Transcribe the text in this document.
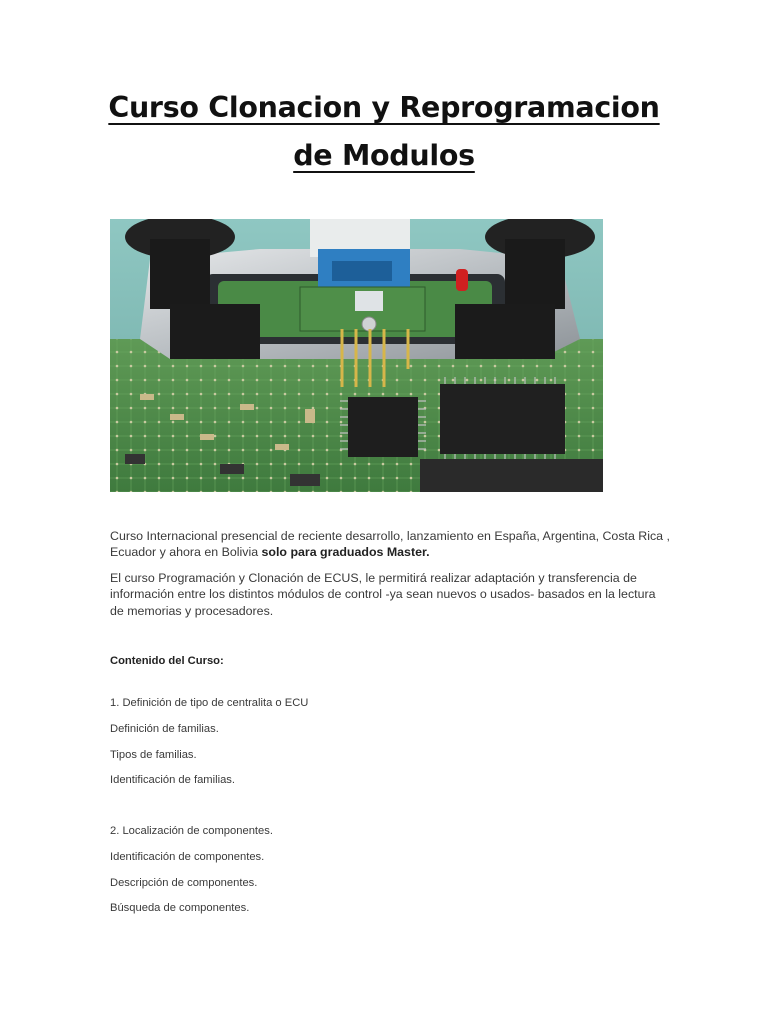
Curso Clonacion y Reprogramacion
de Modulos

Curso Internacional presencial de reciente desarrollo, lanzamiento en España, Argentina, Costa Rica , Ecuador y ahora en Bolivia solo para graduados Master.

El curso Programación y Clonación de ECUS, le permitirá realizar adaptación y transferencia de información entre los distintos módulos de control -ya sean nuevos o usados- basados en la lectura de memorias y procesadores.

Contenido del Curso:

1. Definición de tipo de centralita o ECU

Definición de familias.

Tipos de familias.

Identificación de familias.

2. Localización de componentes.

Identificación de componentes.

Descripción de componentes.

Búsqueda de componentes.
